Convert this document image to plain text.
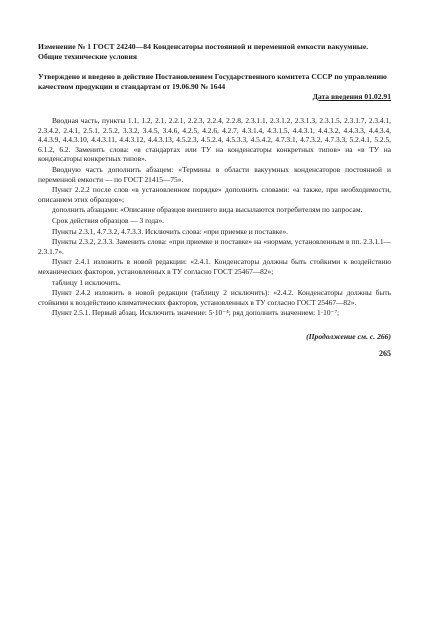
Изменение № 1 ГОСТ 24240—84 Конденсаторы постоянной и переменной емкости вакуумные. Общие технические условия

Утверждено и введено в действие Постановлением Государственного комитета СССР по управлению качеством продукции и стандартам от 19.06.90 № 1644

Дата введения 01.02.91

Вводная часть, пункты 1.1, 1.2, 2.1, 2.2.1, 2.2.3, 2.2.4, 2.2.8, 2.3.1.1, 2.3.1.2, 2.3.1.3, 2.3.1.5, 2.3.1.7, 2.3.4.1, 2.3.4.2, 2.4.1, 2.5.1, 2.5.2, 3.3.2, 3.4.5, 3.4.6, 4.2.5, 4.2.6, 4.2.7, 4.3.1.4, 4.3.1.5, 4.4.3.1, 4.4.3.2, 4.4.3.3, 4.4.3.4, 4.4.3.9, 4.4.3.10, 4.4.3.11, 4.4.3.12, 4.4.3.13, 4.5.2.3, 4.5.2.4, 4.5.3.3, 4.5.4.2, 4.7.3.1, 4.7.3.2, 4.7.3.3, 5.2.4.1, 5.2.5, 6.1.2, 6.2. Заменить слова: «в стандартах или ТУ на конденсаторы конкретных типов» на «в ТУ на конденсаторы конкретных типов».

Вводную часть дополнить абзацем: «Термины в области вакуумных конденсаторов постоянной и переменной емкости — по ГОСТ 21415—75».

Пункт 2.2.2 после слов «в установленном порядке» дополнить словами: «а также, при необходимости, описанием этих образцов»;

дополнить абзацами: «Описание образцов внешнего вида высылаются потребителям по запросам.

Срок действия образцов — 3 года».

Пункты 2.3.1, 4.7.3.2, 4.7.3.3. Исключить слова: «при приемке и поставке».

Пункты 2.3.2, 2.3.3. Заменить слова: «при приемке и поставке» на «нормам, установленным в пп. 2.3.1.1—2.3.1.7».

Пункт 2.4.1 изложить в новой редакции: «2.4.1. Конденсаторы должны быть стойкими к воздействию механических факторов, установленных в ТУ согласно ГОСТ 25467—82»;

таблицу 1 исключить.

Пункт 2.4.2 изложить в новой редакции (таблицу 2 исключить): «2.4.2. Конденсаторы должны быть стойкими к воздействию климатических факторов, установленных в ТУ согласно ГОСТ 25467—82».

Пункт 2.5.1. Первый абзац. Исключить значение: 5·10⁻⁴; ряд дополнить значением: 1·10⁻⁷;

(Продолжение см. с. 266)

265
